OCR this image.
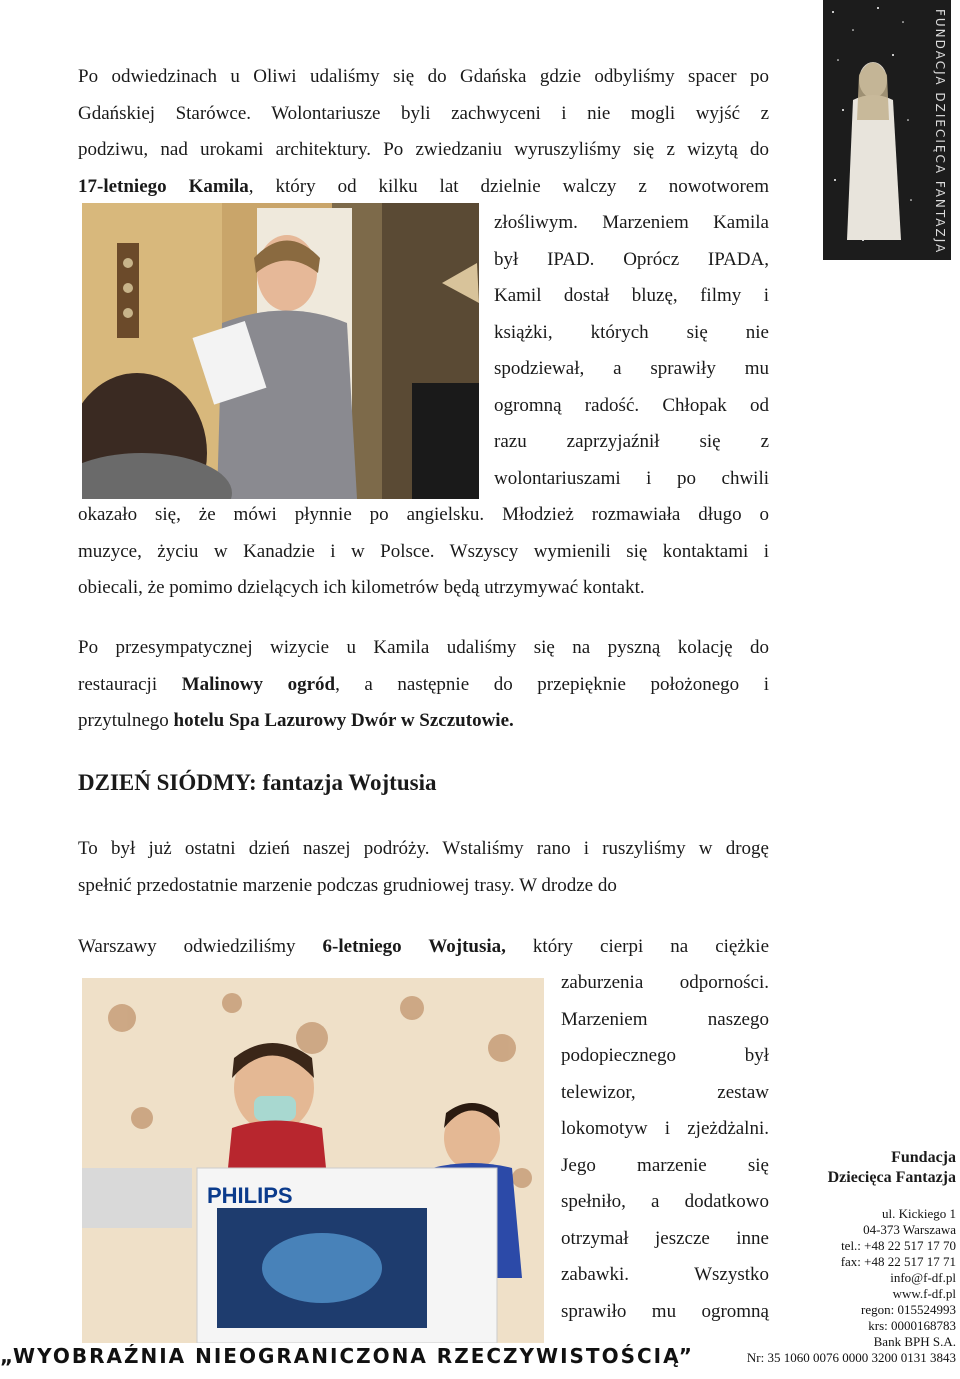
Po odwiedzinach u Oliwi udaliśmy się do Gdańska gdzie odbyliśmy spacer po
Gdańskiej Starówce. Wolontariusze byli zachwyceni i nie mogli wyjść z
podziwu, nad urokami architektury. Po zwiedzaniu wyruszyliśmy się z wizytą do
17-letniego Kamila, który od kilku lat dzielnie walczy z nowotworem
złośliwym. Marzeniem Kamila
był IPAD. Oprócz IPADA,
Kamil dostał bluzę, filmy i
książki, których się nie
spodziewał, a sprawiły mu
ogromną radość. Chłopak od
razu zaprzyjaźnił się z
wolontariuszami i po chwili
okazało się, że mówi płynnie po angielsku. Młodzież rozmawiała długo o
muzyce, życiu w Kanadzie i w Polsce. Wszyscy wymienili się kontaktami i
obiecali, że pomimo dzielących ich kilometrów będą utrzymywać kontakt.
Po przesympatycznej wizycie u Kamila udaliśmy się na pyszną kolację do
restauracji Malinowy ogród, a następnie do przepięknie położonego i
przytulnego hotelu Spa Lazurowy Dwór w Szczutowie.
DZIEŃ SIÓDMY: fantazja Wojtusia
To był już ostatni dzień naszej podróży. Wstaliśmy rano i ruszyliśmy w drogę
spełnić przedostatnie marzenie podczas grudniowej trasy. W drodze do
Warszawy odwiedziliśmy 6-letniego Wojtusia, który cierpi na ciężkie
zaburzenia odporności.
Marzeniem naszego
podopiecznego był
telewizor, zestaw
lokomotyw i zjeżdżalni.
Jego marzenie się
spełniło, a dodatkowo
otrzymał jeszcze inne
zabawki. Wszystko
sprawiło mu ogromną
PHILIPS
FUNDACJA DZIECIĘCA FANTAZJA
Fundacja
Dziecięca Fantazja
ul. Kickiego 1
04-373 Warszawa
tel.: +48 22 517 17 70
fax: +48 22 517 17 71
info@f-df.pl
www.f-df.pl
regon: 015524993
krs: 0000168783
Bank BPH S.A.
Nr: 35 1060 0076 0000 3200 0131 3843
„WYOBRAŹNIA NIEOGRANICZONA RZECZYWISTOŚCIĄ”
